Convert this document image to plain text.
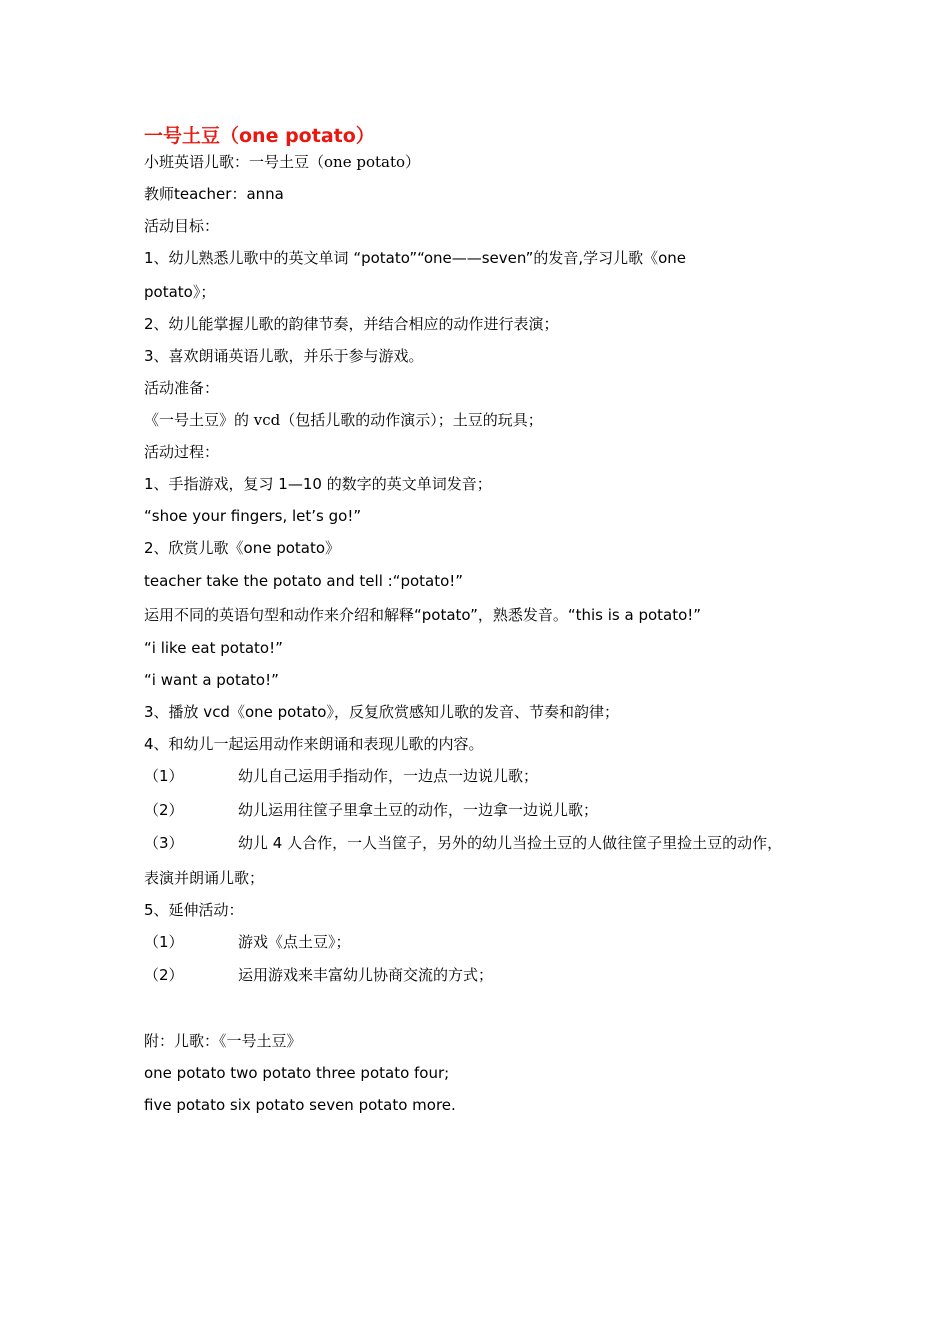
一号土豆（one potato）
小班英语儿歌：一号土豆（one potato）
教师teacher：anna
活动目标：
1、幼儿熟悉儿歌中的英文单词 “potato”“one——seven”的发音,学习儿歌《one
potato》；
2、幼儿能掌握儿歌的韵律节奏，并结合相应的动作进行表演；
3、喜欢朗诵英语儿歌，并乐于参与游戏。
活动准备：
《一号土豆》的 vcd（包括儿歌的动作演示）；土豆的玩具；
活动过程：
1、手指游戏，复习 1—10 的数字的英文单词发音；
“shoe your fingers, let’s go!”
2、欣赏儿歌《one potato》
teacher take the potato and tell :“potato!”
运用不同的英语句型和动作来介绍和解释“potato”，熟悉发音。“this is a potato!”
“i like eat potato!”
“i want a potato!”
3、播放 vcd《one potato》，反复欣赏感知儿歌的发音、节奏和韵律；
4、和幼儿一起运用动作来朗诵和表现儿歌的内容。
（1）	幼儿自己运用手指动作，一边点一边说儿歌；
（2）	幼儿运用往筐子里拿土豆的动作，一边拿一边说儿歌；
（3）	幼儿 4 人合作，一人当筐子，另外的幼儿当捡土豆的人做往筐子里捡土豆的动作，
表演并朗诵儿歌；
5、延伸活动：
（1）	游戏《点土豆》；
（2）	运用游戏来丰富幼儿协商交流的方式；
附：儿歌：《一号土豆》
one potato two potato three potato four;
five potato six potato seven potato more.
